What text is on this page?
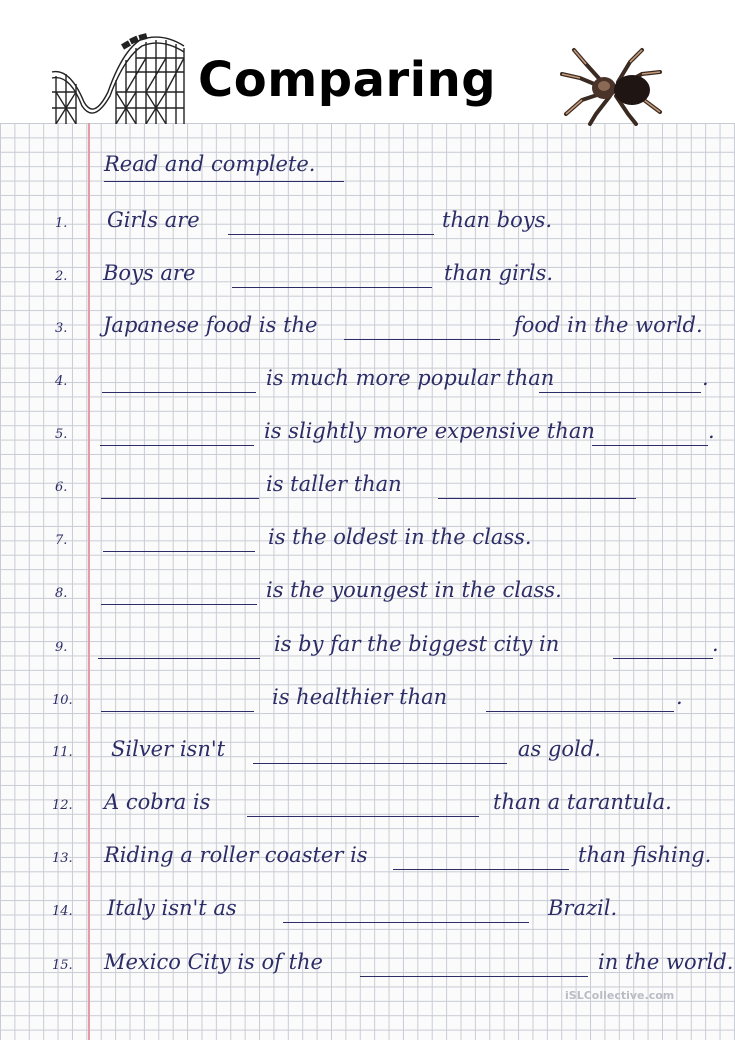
Comparing
Read and complete.
1. Girls are	than boys.
2. Boys are	than girls.
3. Japanese food is the	food in the world.
4.	is much more popular than	.
5.	is slightly more expensive than	.
6.	is taller than
7.	is the oldest in the class.
8.	is the youngest in the class.
9.	is by far the biggest city in	.
10.	is healthier than	.
11. Silver isn't	as gold.
12. A cobra is	than a tarantula.
13. Riding a roller coaster is	than fishing.
14. Italy isn't as	Brazil.
15. Mexico City is of the	in the world.
iSLCollective.com
